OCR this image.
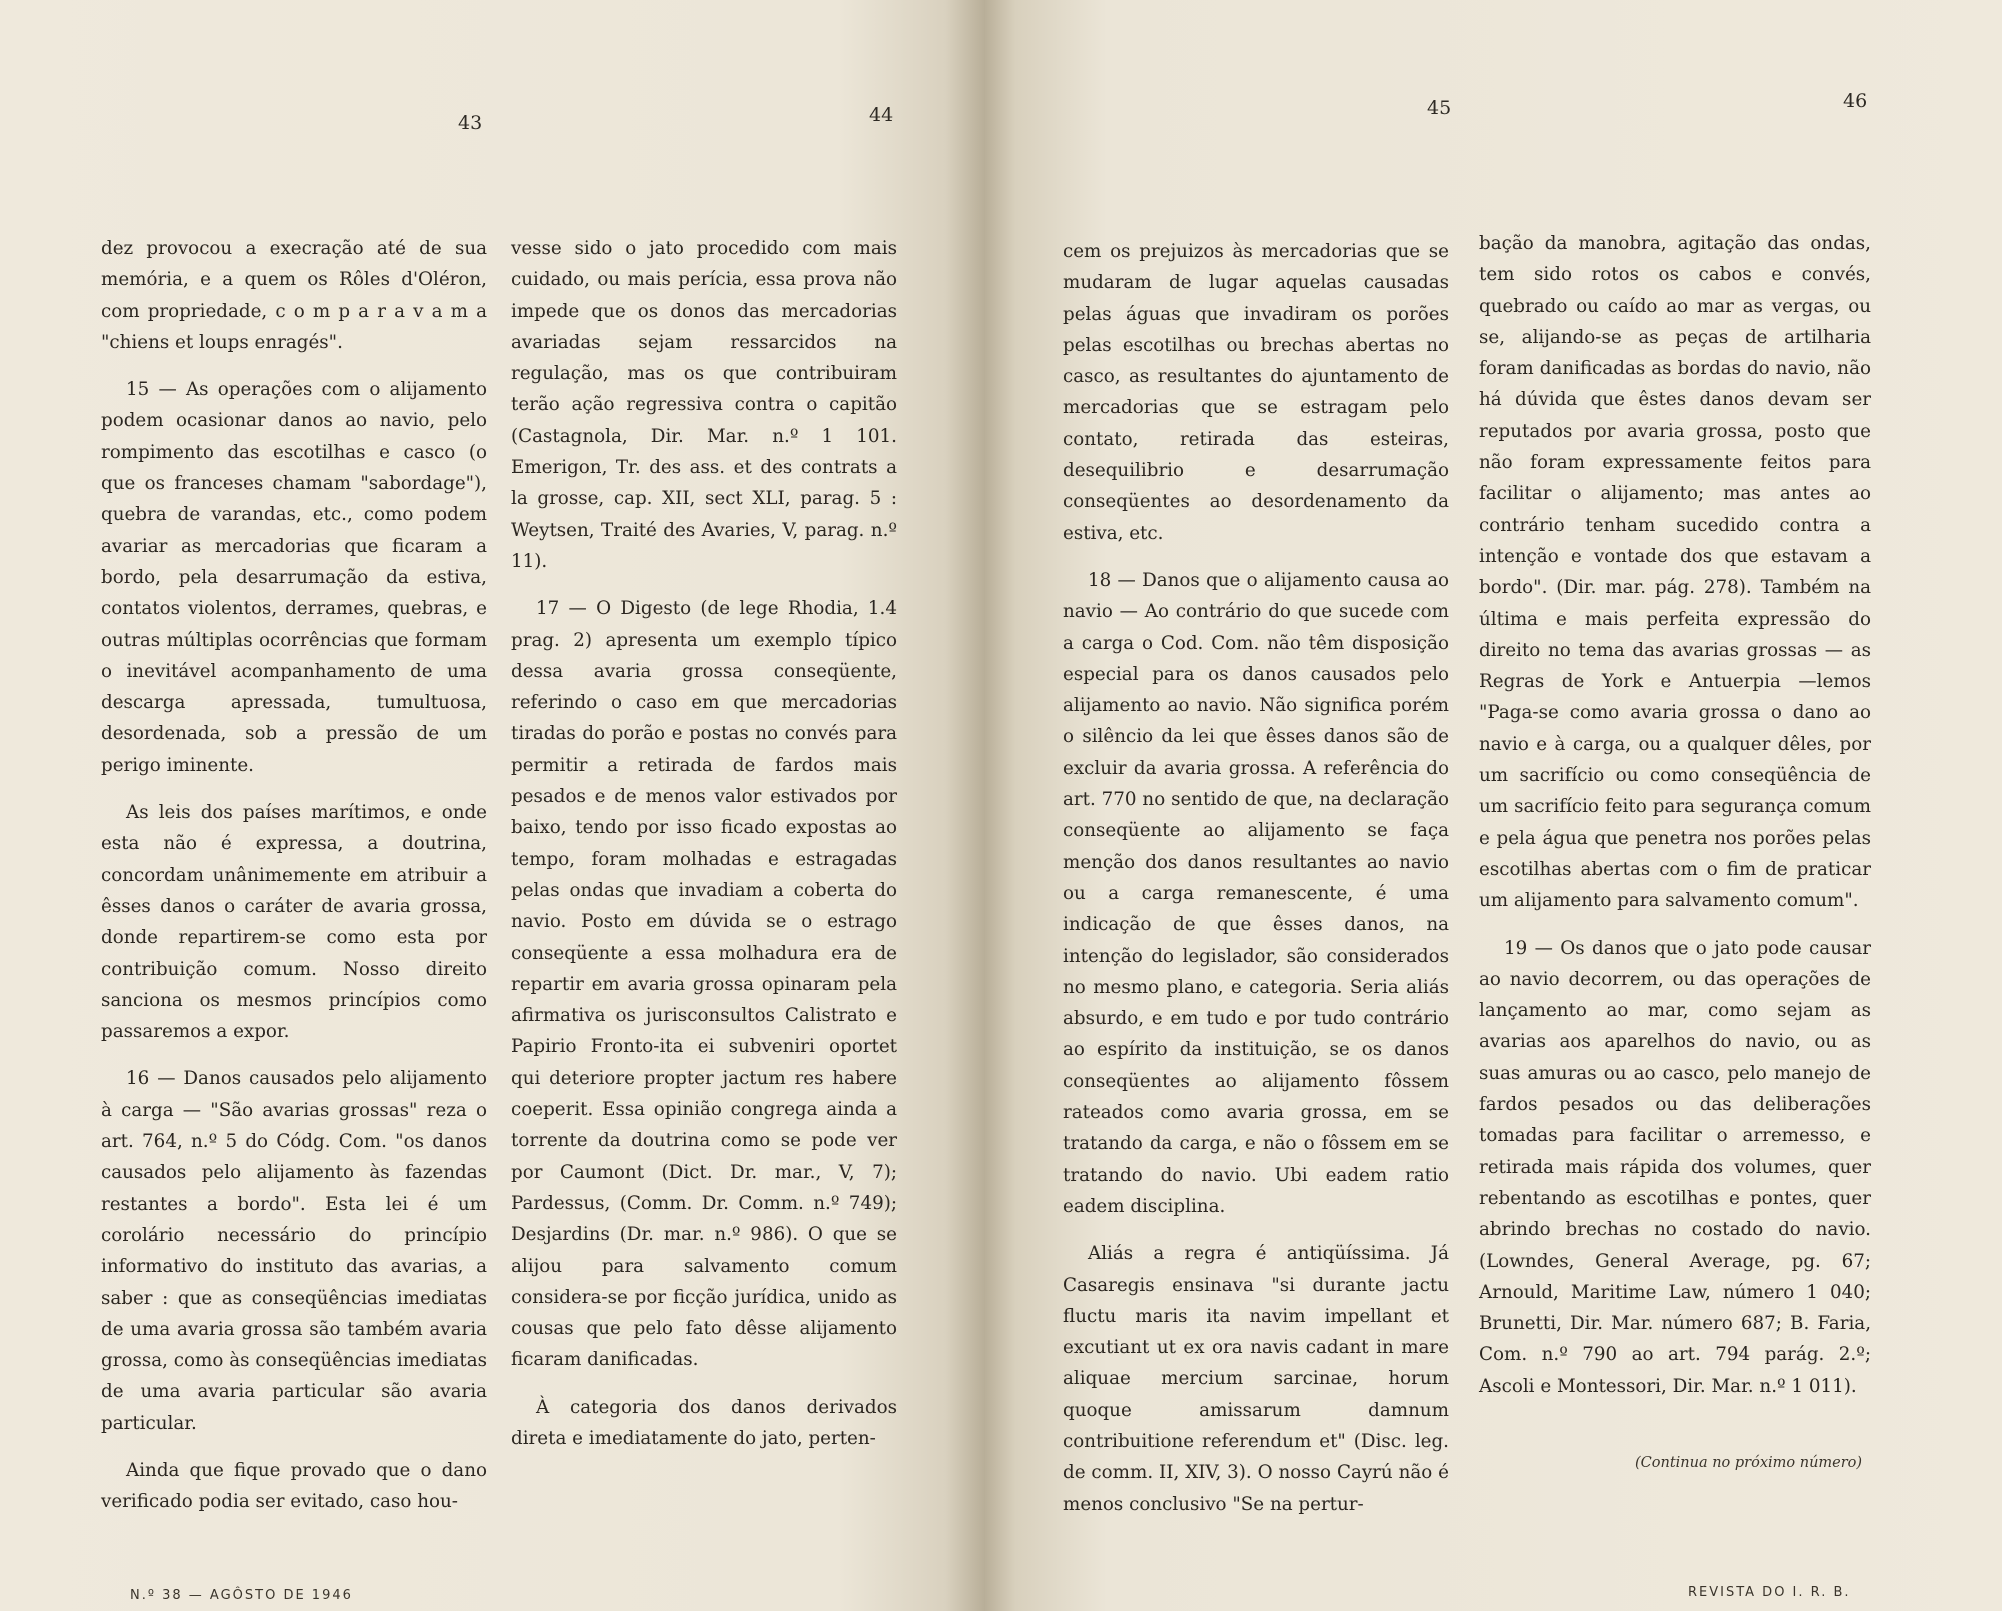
43	44

dez provocou a execração até de sua memória, e a quem os Rôles d'Oléron, com propriedade, c o m p a r a v a m a "chiens et loups enragés".

15 — As operações com o alijamento podem ocasionar danos ao navio, pelo rompimento das escotilhas e casco (o que os franceses chamam "sabordage"), quebra de varandas, etc., como podem avariar as mercadorias que ficaram a bordo, pela desarrumação da estiva, contatos violentos, derrames, quebras, e outras múltiplas ocorrências que formam o inevitável acompanhamento de uma descarga apressada, tumultuosa, desordenada, sob a pressão de um perigo iminente.

As leis dos países marítimos, e onde esta não é expressa, a doutrina, concordam unânimemente em atribuir a êsses danos o caráter de avaria grossa, donde repartirem-se como esta por contribuição comum. Nosso direito sanciona os mesmos princípios como passaremos a expor.

16 — Danos causados pelo alijamento à carga — "São avarias grossas" reza o art. 764, n.º 5 do Códg. Com. "os danos causados pelo alijamento às fazendas restantes a bordo". Esta lei é um corolário necessário do princípio informativo do instituto das avarias, a saber : que as conseqüências imediatas de uma avaria grossa são também avaria grossa, como às conseqüências imediatas de uma avaria particular são avaria particular.

Ainda que fique provado que o dano verificado podia ser evitado, caso hou-

vesse sido o jato procedido com mais cuidado, ou mais perícia, essa prova não impede que os donos das mercadorias avariadas sejam ressarcidos na regulação, mas os que contribuiram terão ação regressiva contra o capitão (Castagnola, Dir. Mar. n.º 1 101. Emerigon, Tr. des ass. et des contrats a la grosse, cap. XII, sect XLI, parag. 5 : Weytsen, Traité des Avaries, V, parag. n.º 11).

17 — O Digesto (de lege Rhodia, 1.4 prag. 2) apresenta um exemplo típico dessa avaria grossa conseqüente, referindo o caso em que mercadorias tiradas do porão e postas no convés para permitir a retirada de fardos mais pesados e de menos valor estivados por baixo, tendo por isso ficado expostas ao tempo, foram molhadas e estragadas pelas ondas que invadiam a coberta do navio. Posto em dúvida se o estrago conseqüente a essa molhadura era de repartir em avaria grossa opinaram pela afirmativa os jurisconsultos Calistrato e Papirio Fronto-ita ei subveniri oportet qui deteriore propter jactum res habere coeperit. Essa opinião congrega ainda a torrente da doutrina como se pode ver por Caumont (Dict. Dr. mar., V, 7); Pardessus, (Comm. Dr. Comm. n.º 749); Desjardins (Dr. mar. n.º 986). O que se alijou para salvamento comum considera-se por ficção jurídica, unido as cousas que pelo fato dêsse alijamento ficaram danificadas.

À categoria dos danos derivados direta e imediatamente do jato, perten-

N.º 38 — AGÔSTO DE 1946
45	46

cem os prejuizos às mercadorias que se mudaram de lugar aquelas causadas pelas águas que invadiram os porões pelas escotilhas ou brechas abertas no casco, as resultantes do ajuntamento de mercadorias que se estragam pelo contato, retirada das esteiras, desequilibrio e desarrumação conseqüentes ao desordenamento da estiva, etc.

18 — Danos que o alijamento causa ao navio — Ao contrário do que sucede com a carga o Cod. Com. não têm disposição especial para os danos causados pelo alijamento ao navio. Não significa porém o silêncio da lei que êsses danos são de excluir da avaria grossa. A referência do art. 770 no sentido de que, na declaração conseqüente ao alijamento se faça menção dos danos resultantes ao navio ou a carga remanescente, é uma indicação de que êsses danos, na intenção do legislador, são considerados no mesmo plano, e categoria. Seria aliás absurdo, e em tudo e por tudo contrário ao espírito da instituição, se os danos conseqüentes ao alijamento fôssem rateados como avaria grossa, em se tratando da carga, e não o fôssem em se tratando do navio. Ubi eadem ratio eadem disciplina.

Aliás a regra é antiqüíssima. Já Casaregis ensinava "si durante jactu fluctu maris ita navim impellant et excutiant ut ex ora navis cadant in mare aliquae mercium sarcinae, horum quoque amissarum damnum contribuitione referendum et" (Disc. leg. de comm. II, XIV, 3). O nosso Cayrú não é menos conclusivo "Se na pertur-

bação da manobra, agitação das ondas, tem sido rotos os cabos e convés, quebrado ou caído ao mar as vergas, ou se, alijando-se as peças de artilharia foram danificadas as bordas do navio, não há dúvida que êstes danos devam ser reputados por avaria grossa, posto que não foram expressamente feitos para facilitar o alijamento; mas antes ao contrário tenham sucedido contra a intenção e vontade dos que estavam a bordo". (Dir. mar. pág. 278). Também na última e mais perfeita expressão do direito no tema das avarias grossas — as Regras de York e Antuerpia —lemos "Paga-se como avaria grossa o dano ao navio e à carga, ou a qualquer dêles, por um sacrifício ou como conseqüência de um sacrifício feito para segurança comum e pela água que penetra nos porões pelas escotilhas abertas com o fim de praticar um alijamento para salvamento comum".

19 — Os danos que o jato pode causar ao navio decorrem, ou das operações de lançamento ao mar, como sejam as avarias aos aparelhos do navio, ou as suas amuras ou ao casco, pelo manejo de fardos pesados ou das deliberações tomadas para facilitar o arremesso, e retirada mais rápida dos volumes, quer rebentando as escotilhas e pontes, quer abrindo brechas no costado do navio. (Lowndes, General Average, pg. 67; Arnould, Maritime Law, número 1 040; Brunetti, Dir. Mar. número 687; B. Faria, Com. n.º 790 ao art. 794 parág. 2.º; Ascoli e Montessori, Dir. Mar. n.º 1 011).

(Continua no próximo número)
REVISTA DO I. R. B.
